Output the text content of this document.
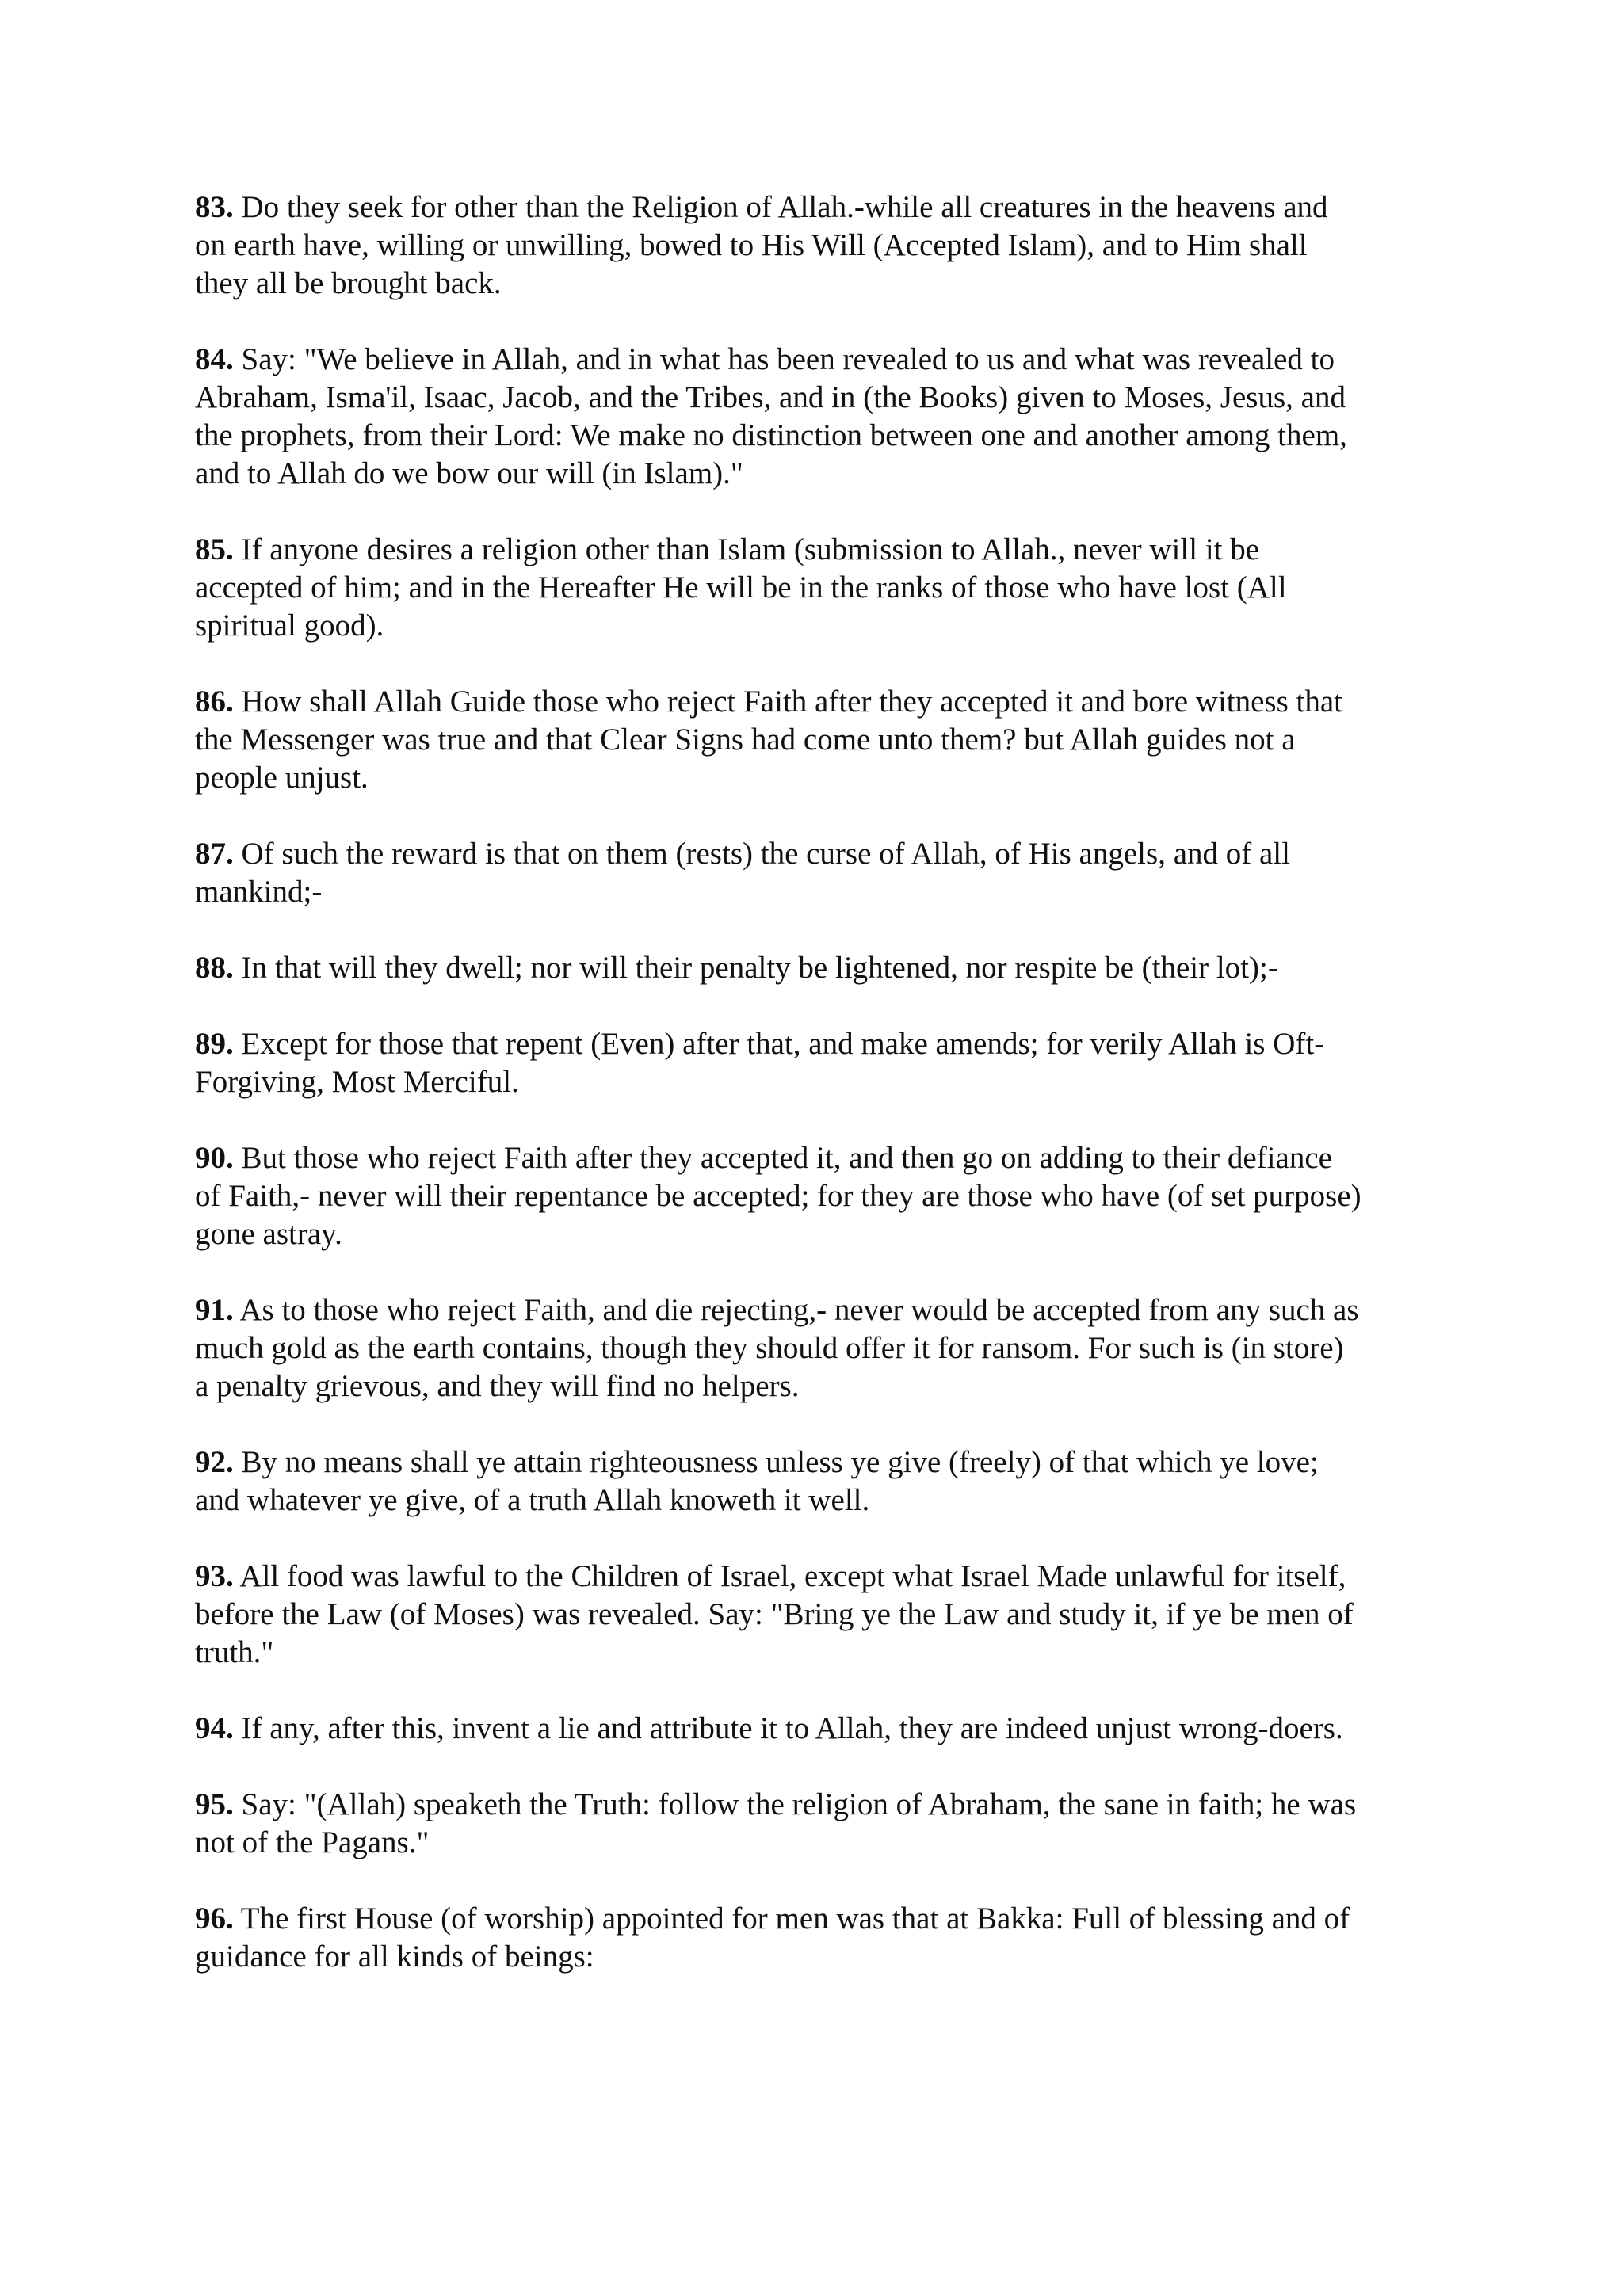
83. Do they seek for other than the Religion of Allah.-while all creatures in the heavens and
on earth have, willing or unwilling, bowed to His Will (Accepted Islam), and to Him shall
they all be brought back.

84. Say: "We believe in Allah, and in what has been revealed to us and what was revealed to
Abraham, Isma'il, Isaac, Jacob, and the Tribes, and in (the Books) given to Moses, Jesus, and
the prophets, from their Lord: We make no distinction between one and another among them,
and to Allah do we bow our will (in Islam)."

85. If anyone desires a religion other than Islam (submission to Allah., never will it be
accepted of him; and in the Hereafter He will be in the ranks of those who have lost (All
spiritual good).

86. How shall Allah Guide those who reject Faith after they accepted it and bore witness that
the Messenger was true and that Clear Signs had come unto them? but Allah guides not a
people unjust.

87. Of such the reward is that on them (rests) the curse of Allah, of His angels, and of all
mankind;-

88. In that will they dwell; nor will their penalty be lightened, nor respite be (their lot);-

89. Except for those that repent (Even) after that, and make amends; for verily Allah is Oft-
Forgiving, Most Merciful.

90. But those who reject Faith after they accepted it, and then go on adding to their defiance
of Faith,- never will their repentance be accepted; for they are those who have (of set purpose)
gone astray.

91. As to those who reject Faith, and die rejecting,- never would be accepted from any such as
much gold as the earth contains, though they should offer it for ransom. For such is (in store)
a penalty grievous, and they will find no helpers.

92. By no means shall ye attain righteousness unless ye give (freely) of that which ye love;
and whatever ye give, of a truth Allah knoweth it well.

93. All food was lawful to the Children of Israel, except what Israel Made unlawful for itself,
before the Law (of Moses) was revealed. Say: "Bring ye the Law and study it, if ye be men of
truth."

94. If any, after this, invent a lie and attribute it to Allah, they are indeed unjust wrong-doers.

95. Say: "(Allah) speaketh the Truth: follow the religion of Abraham, the sane in faith; he was
not of the Pagans."

96. The first House (of worship) appointed for men was that at Bakka: Full of blessing and of
guidance for all kinds of beings:
